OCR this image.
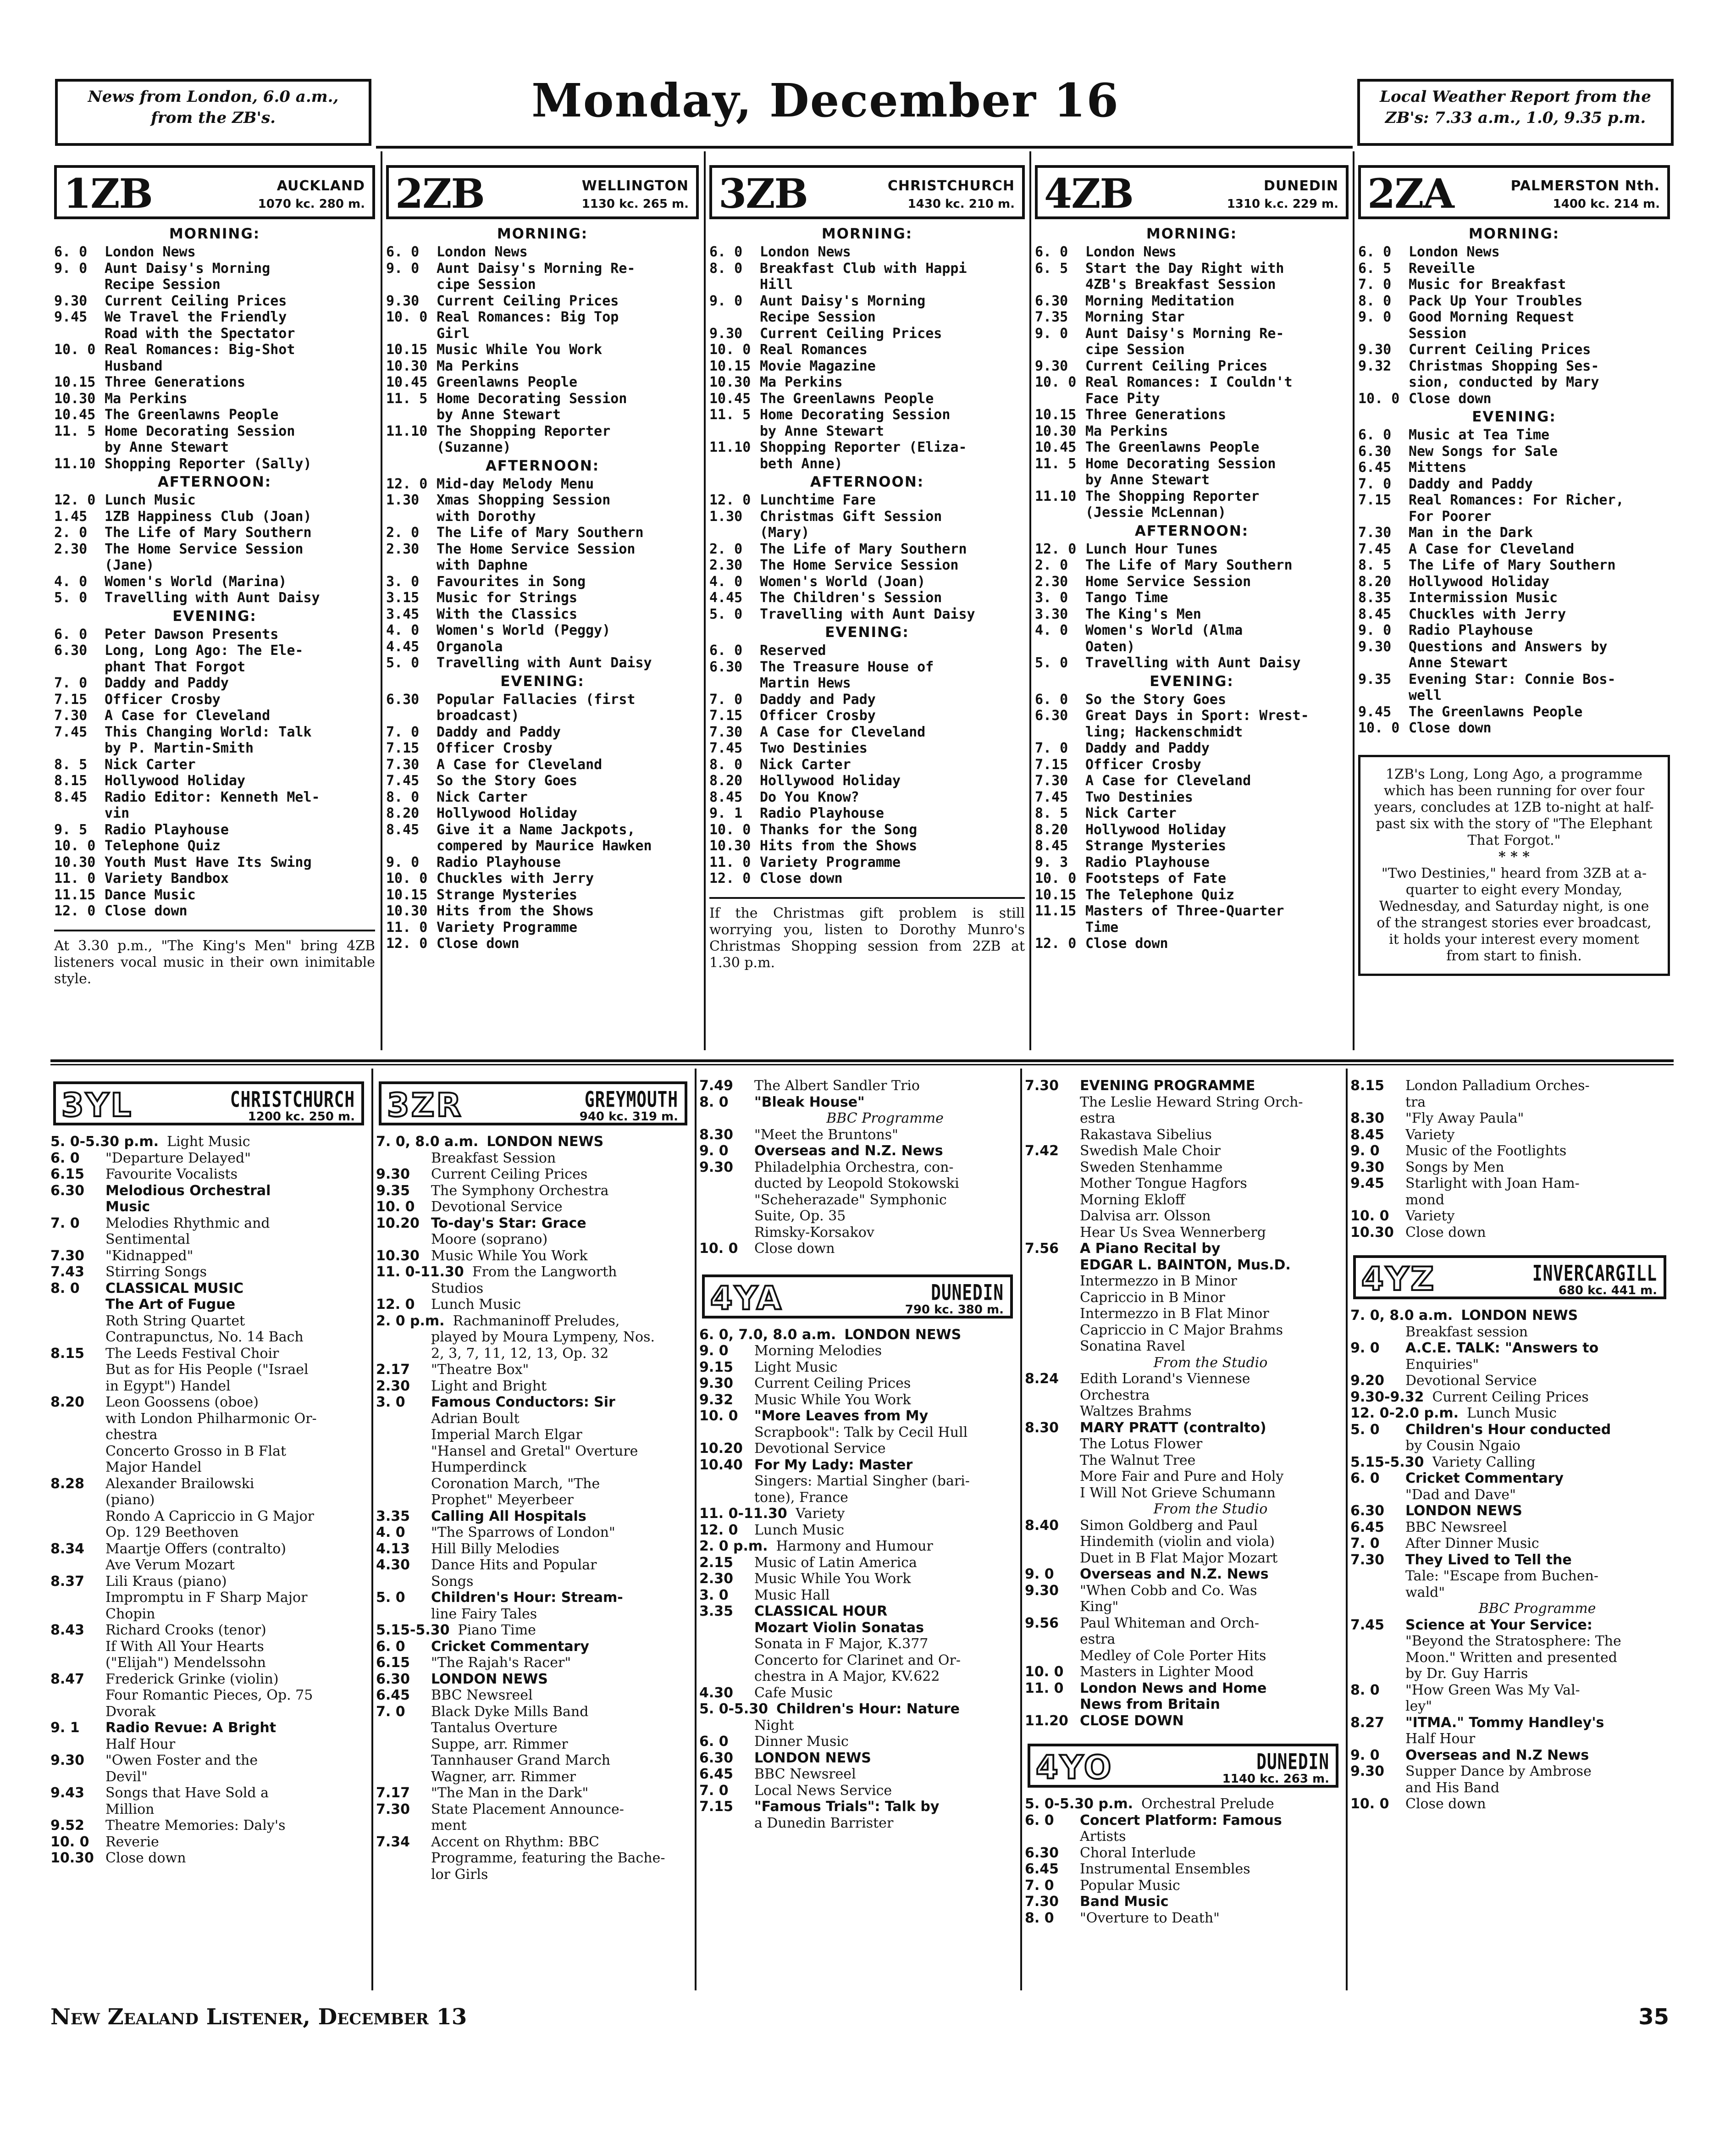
News from London, 6.0 a.m., from the ZB's.	Monday, December 16	Local Weather Report from the ZB's: 7.33 a.m., 1.0, 9.35 p.m.
1ZB	AUCKLAND
1070 kc. 280 m.
MORNING:
6. 0	London News
9. 0	Aunt Daisy's Morning
Recipe Session
9.30	Current Ceiling Prices
9.45	We Travel the Friendly
Road with the Spectator
10. 0 Real Romances: Big-Shot
Husband
10.15 Three Generations
10.30 Ma Perkins
10.45 The Greenlawns People
11. 5 Home Decorating Session
by Anne Stewart
11.10 Shopping Reporter (Sally)
AFTERNOON:
12. 0 Lunch Music
1.45	1ZB Happiness Club (Joan)
2. 0	The Life of Mary Southern
2.30	The Home Service Session
(Jane)
4. 0	Women's World (Marina)
5. 0	Travelling with Aunt Daisy
EVENING:
6. 0	Peter Dawson Presents
6.30	Long, Long Ago: The Ele-
phant That Forgot
7. 0	Daddy and Paddy
7.15	Officer Crosby
7.30	A Case for Cleveland
7.45	This Changing World: Talk
by P. Martin-Smith
8. 5	Nick Carter
8.15	Hollywood Holiday
8.45	Radio Editor: Kenneth Mel-
vin
9. 5	Radio Playhouse
10. 0 Telephone Quiz
10.30 Youth Must Have Its Swing
11. 0 Variety Bandbox
11.15 Dance Music
12. 0 Close down
At 3.30 p.m., "The King's Men" bring 4ZB listeners vocal music in their own inimitable style.
2ZB	WELLINGTON
1130 kc. 265 m.
MORNING:
6. 0	London News
9. 0	Aunt Daisy's Morning Re-
cipe Session
9.30	Current Ceiling Prices
10. 0 Real Romances: Big Top
Girl
10.15 Music While You Work
10.30 Ma Perkins
10.45 Greenlawns People
11. 5 Home Decorating Session
by Anne Stewart
11.10 The Shopping Reporter
(Suzanne)
AFTERNOON:
12. 0 Mid-day Melody Menu
1.30	Xmas Shopping Session
with Dorothy
2. 0	The Life of Mary Southern
2.30	The Home Service Session
with Daphne
3. 0	Favourites in Song
3.15	Music for Strings
3.45	With the Classics
4. 0	Women's World (Peggy)
4.45	Organola
5. 0	Travelling with Aunt Daisy
EVENING:
6.30	Popular Fallacies (first
broadcast)
7. 0	Daddy and Paddy
7.15	Officer Crosby
7.30	A Case for Cleveland
7.45	So the Story Goes
8. 0	Nick Carter
8.20	Hollywood Holiday
8.45	Give it a Name Jackpots,
compered by Maurice Hawken
9. 0	Radio Playhouse
10. 0 Chuckles with Jerry
10.15 Strange Mysteries
10.30 Hits from the Shows
11. 0 Variety Programme
12. 0 Close down
3ZB	CHRISTCHURCH
1430 kc. 210 m.
MORNING:
6. 0	London News
8. 0	Breakfast Club with Happi
Hill
9. 0	Aunt Daisy's Morning
Recipe Session
9.30	Current Ceiling Prices
10. 0 Real Romances
10.15 Movie Magazine
10.30 Ma Perkins
10.45 The Greenlawns People
11. 5 Home Decorating Session
by Anne Stewart
11.10 Shopping Reporter (Eliza-
beth Anne)
AFTERNOON:
12. 0 Lunchtime Fare
1.30	Christmas Gift Session
(Mary)
2. 0	The Life of Mary Southern
2.30	The Home Service Session
4. 0	Women's World (Joan)
4.45	The Children's Session
5. 0	Travelling with Aunt Daisy
EVENING:
6. 0	Reserved
6.30	The Treasure House of
Martin Hews
7. 0	Daddy and Pady
7.15	Officer Crosby
7.30	A Case for Cleveland
7.45	Two Destinies
8. 0	Nick Carter
8.20	Hollywood Holiday
8.45	Do You Know?
9. 1	Radio Playhouse
10. 0 Thanks for the Song
10.30 Hits from the Shows
11. 0 Variety Programme
12. 0 Close down
If the Christmas gift problem is still worrying you, listen to Dorothy Munro's Christmas Shopping session from 2ZB at 1.30 p.m.
4ZB	DUNEDIN
1310 k.c. 229 m.
MORNING:
6. 0	London News
6. 5	Start the Day Right with
4ZB's Breakfast Session
6.30	Morning Meditation
7.35	Morning Star
9. 0	Aunt Daisy's Morning Re-
cipe Session
9.30	Current Ceiling Prices
10. 0 Real Romances: I Couldn't
Face Pity
10.15 Three Generations
10.30 Ma Perkins
10.45 The Greenlawns People
11. 5 Home Decorating Session
by Anne Stewart
11.10 The Shopping Reporter
(Jessie McLennan)
AFTERNOON:
12. 0 Lunch Hour Tunes
2. 0	The Life of Mary Southern
2.30	Home Service Session
3. 0	Tango Time
3.30	The King's Men
4. 0	Women's World (Alma
Oaten)
5. 0	Travelling with Aunt Daisy
EVENING:
6. 0	So the Story Goes
6.30	Great Days in Sport: Wrest-
ling; Hackenschmidt
7. 0	Daddy and Paddy
7.15	Officer Crosby
7.30	A Case for Cleveland
7.45	Two Destinies
8. 5	Nick Carter
8.20	Hollywood Holiday
8.45	Strange Mysteries
9. 3	Radio Playhouse
10. 0 Footsteps of Fate
10.15 The Telephone Quiz
11.15 Masters of Three-Quarter
Time
12. 0 Close down
2ZA	PALMERSTON Nth.
1400 kc. 214 m.
MORNING:
6. 0	London News
6. 5	Reveille
7. 0	Music for Breakfast
8. 0	Pack Up Your Troubles
9. 0	Good Morning Request
Session
9.30	Current Ceiling Prices
9.32	Christmas Shopping Ses-
sion, conducted by Mary
10. 0 Close down
EVENING:
6. 0	Music at Tea Time
6.30	New Songs for Sale
6.45	Mittens
7. 0	Daddy and Paddy
7.15	Real Romances: For Richer,
For Poorer
7.30	Man in the Dark
7.45	A Case for Cleveland
8. 5	The Life of Mary Southern
8.20	Hollywood Holiday
8.35	Intermission Music
8.45	Chuckles with Jerry
9. 0	Radio Playhouse
9.30	Questions and Answers by
Anne Stewart
9.35	Evening Star: Connie Bos-
well
9.45	The Greenlawns People
10. 0 Close down
1ZB's Long, Long Ago, a programme which has been running for over four years, concludes at 1ZB to-night at half-past six with the story of "The Elephant That Forgot."
* * *
"Two Destinies," heard from 3ZB at a-quarter to eight every Monday, Wednesday, and Saturday night, is one of the strangest stories ever broadcast, it holds your interest every moment from start to finish.
3YL	CHRISTCHURCH
1200 kc. 250 m.
5. 0-5.30 p.m. Light Music
6. 0	"Departure Delayed"
6.15	Favourite Vocalists
6.30	Melodious Orchestral
Music
7. 0	Melodies Rhythmic and
Sentimental
7.30	"Kidnapped"
7.43	Stirring Songs
8. 0	CLASSICAL MUSIC
The Art of Fugue
Roth String Quartet
Contrapunctus, No. 14 Bach
8.15	The Leeds Festival Choir
But as for His People ("Israel
in Egypt") Handel
8.20	Leon Goossens (oboe)
with London Philharmonic Or-
chestra
Concerto Grosso in B Flat
Major Handel
8.28	Alexander Brailowski
(piano)
Rondo A Capriccio in G Major
Op. 129 Beethoven
8.34	Maartje Offers (contralto)
Ave Verum Mozart
8.37	Lili Kraus (piano)
Impromptu in F Sharp Major
Chopin
8.43	Richard Crooks (tenor)
If With All Your Hearts
("Elijah") Mendelssohn
8.47	Frederick Grinke (violin)
Four Romantic Pieces, Op. 75
Dvorak
9. 1	Radio Revue: A Bright
Half Hour
9.30	"Owen Foster and the
Devil"
9.43	Songs that Have Sold a
Million
9.52	Theatre Memories: Daly's
10. 0	Reverie
10.30 Close down
3ZR	GREYMOUTH
940 kc. 319 m.
7. 0, 8.0 a.m. LONDON NEWS
Breakfast Session
9.30	Current Ceiling Prices
9.35	The Symphony Orchestra
10. 0	Devotional Service
10.20 To-day's Star: Grace
Moore (soprano)
10.30 Music While You Work
11. 0-11.30 From the Langworth
Studios
12. 0	Lunch Music
2. 0 p.m. Rachmaninoff Preludes,
played by Moura Lympeny, Nos.
2, 3, 7, 11, 12, 13, Op. 32
2.17	"Theatre Box"
2.30	Light and Bright
3. 0	Famous Conductors: Sir
Adrian Boult
Imperial March Elgar
"Hansel and Gretal" Overture
Humperdinck
Coronation March, "The
Prophet" Meyerbeer
3.35	Calling All Hospitals
4. 0	"The Sparrows of London"
4.13	Hill Billy Melodies
4.30	Dance Hits and Popular
Songs
5. 0	Children's Hour: Stream-
line Fairy Tales
5.15-5.30 Piano Time
6. 0	Cricket Commentary
6.15	"The Rajah's Racer"
6.30	LONDON NEWS
6.45	BBC Newsreel
7. 0	Black Dyke Mills Band
Tantalus Overture
Suppe, arr. Rimmer
Tannhauser Grand March
Wagner, arr. Rimmer
7.17	"The Man in the Dark"
7.30	State Placement Announce-
ment
7.34	Accent on Rhythm: BBC
Programme, featuring the Bache-
lor Girls
7.49	The Albert Sandler Trio
8. 0	"Bleak House"
BBC Programme
8.30	"Meet the Bruntons"
9. 0	Overseas and N.Z. News
9.30	Philadelphia Orchestra, con-
ducted by Leopold Stokowski
"Scheherazade" Symphonic
Suite, Op. 35
Rimsky-Korsakov
10. 0	Close down
4YA	DUNEDIN
790 kc. 380 m.
6. 0, 7.0, 8.0 a.m. LONDON NEWS
9. 0	Morning Melodies
9.15	Light Music
9.30	Current Ceiling Prices
9.32	Music While You Work
10. 0	"More Leaves from My
Scrapbook": Talk by Cecil Hull
10.20 Devotional Service
10.40 For My Lady: Master
Singers: Martial Singher (bari-
tone), France
11. 0-11.30 Variety
12. 0	Lunch Music
2. 0 p.m. Harmony and Humour
2.15	Music of Latin America
2.30	Music While You Work
3. 0	Music Hall
3.35	CLASSICAL HOUR
Mozart Violin Sonatas
Sonata in F Major, K.377
Concerto for Clarinet and Or-
chestra in A Major, KV.622
4.30	Cafe Music
5. 0-5.30 Children's Hour: Nature
Night
6. 0	Dinner Music
6.30	LONDON NEWS
6.45	BBC Newsreel
7. 0	Local News Service
7.15	"Famous Trials": Talk by
a Dunedin Barrister
7.30	EVENING PROGRAMME
The Leslie Heward String Orch-
estra
Rakastava Sibelius
7.42	Swedish Male Choir
Sweden Stenhamme
Mother Tongue Hagfors
Morning Ekloff
Dalvisa arr. Olsson
Hear Us Svea Wennerberg
7.56	A Piano Recital by
EDGAR L. BAINTON, Mus.D.
Intermezzo in B Minor
Capriccio in B Minor
Intermezzo in B Flat Minor
Capriccio in C Major Brahms
Sonatina Ravel
From the Studio
8.24	Edith Lorand's Viennese
Orchestra
Waltzes Brahms
8.30	MARY PRATT (contralto)
The Lotus Flower
The Walnut Tree
More Fair and Pure and Holy
I Will Not Grieve Schumann
From the Studio
8.40	Simon Goldberg and Paul
Hindemith (violin and viola)
Duet in B Flat Major Mozart
9. 0	Overseas and N.Z. News
9.30	"When Cobb and Co. Was
King"
9.56	Paul Whiteman and Orch-
estra
Medley of Cole Porter Hits
10. 0	Masters in Lighter Mood
11. 0	London News and Home
News from Britain
11.20 CLOSE DOWN
4YO	DUNEDIN
1140 kc. 263 m.
5. 0-5.30 p.m. Orchestral Prelude
6. 0	Concert Platform: Famous
Artists
6.30	Choral Interlude
6.45	Instrumental Ensembles
7. 0	Popular Music
7.30	Band Music
8. 0	"Overture to Death"
8.15	London Palladium Orches-
tra
8.30	"Fly Away Paula"
8.45	Variety
9. 0	Music of the Footlights
9.30	Songs by Men
9.45	Starlight with Joan Ham-
mond
10. 0	Variety
10.30 Close down
4YZ	INVERCARGILL
680 kc. 441 m.
7. 0, 8.0 a.m. LONDON NEWS
Breakfast session
9. 0	A.C.E. TALK: "Answers to
Enquiries"
9.20	Devotional Service
9.30-9.32 Current Ceiling Prices
12. 0-2.0 p.m. Lunch Music
5. 0	Children's Hour conducted
by Cousin Ngaio
5.15-5.30 Variety Calling
6. 0	Cricket Commentary
"Dad and Dave"
6.30	LONDON NEWS
6.45	BBC Newsreel
7. 0	After Dinner Music
7.30	They Lived to Tell the
Tale: "Escape from Buchen-
wald"
BBC Programme
7.45	Science at Your Service:
"Beyond the Stratosphere: The
Moon." Written and presented
by Dr. Guy Harris
8. 0	"How Green Was My Val-
ley"
8.27	"ITMA." Tommy Handley's
Half Hour
9. 0	Overseas and N.Z News
9.30	Supper Dance by Ambrose
and His Band
10. 0	Close down
New Zealand Listener, December 13	35
